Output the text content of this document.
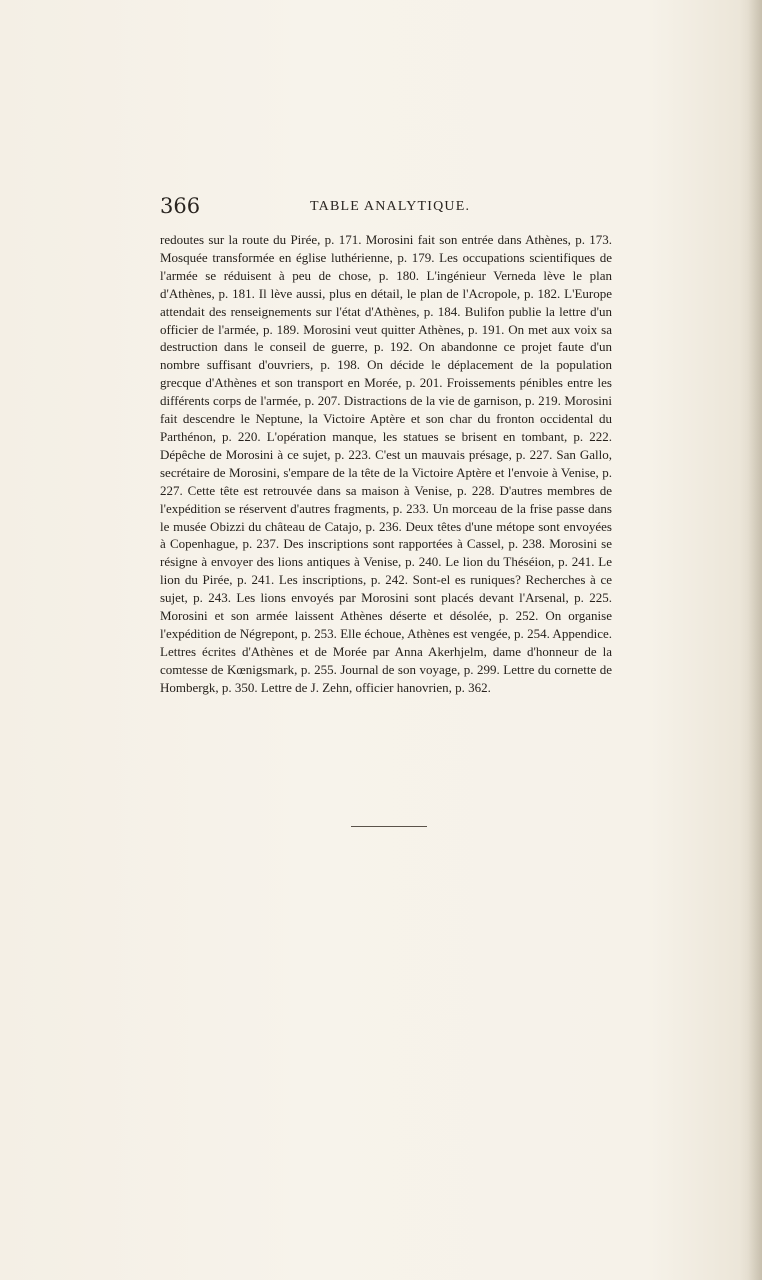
366	TABLE ANALYTIQUE.

redoutes sur la route du Pirée, p. 171. Morosini fait son entrée dans Athènes, p. 173. Mosquée transformée en église luthérienne, p. 179. Les occupations scientifiques de l'armée se réduisent à peu de chose, p. 180. L'ingénieur Verneda lève le plan d'Athènes, p. 181. Il lève aussi, plus en détail, le plan de l'Acropole, p. 182. L'Europe attendait des renseignements sur l'état d'Athènes, p. 184. Bulifon publie la lettre d'un officier de l'armée, p. 189. Morosini veut quitter Athènes, p. 191. On met aux voix sa destruction dans le conseil de guerre, p. 192. On abandonne ce projet faute d'un nombre suffisant d'ouvriers, p. 198. On décide le déplacement de la population grecque d'Athènes et son transport en Morée, p. 201. Froissements pénibles entre les différents corps de l'armée, p. 207. Distractions de la vie de garnison, p. 219. Morosini fait descendre le Neptune, la Victoire Aptère et son char du fronton occidental du Parthénon, p. 220. L'opération manque, les statues se brisent en tombant, p. 222. Dépêche de Morosini à ce sujet, p. 223. C'est un mauvais présage, p. 227. San Gallo, secrétaire de Morosini, s'empare de la tête de la Victoire Aptère et l'envoie à Venise, p. 227. Cette tête est retrouvée dans sa maison à Venise, p. 228. D'autres membres de l'expédition se réservent d'autres fragments, p. 233. Un morceau de la frise passe dans le musée Obizzi du château de Catajo, p. 236. Deux têtes d'une métope sont envoyées à Copenhague, p. 237. Des inscriptions sont rapportées à Cassel, p. 238. Morosini se résigne à envoyer des lions antiques à Venise, p. 240. Le lion du Théséion, p. 241. Le lion du Pirée, p. 241. Les inscriptions, p. 242. Sont-el es runiques? Recherches à ce sujet, p. 243. Les lions envoyés par Morosini sont placés devant l'Arsenal, p. 225. Morosini et son armée laissent Athènes déserte et désolée, p. 252. On organise l'expédition de Négrepont, p. 253. Elle échoue, Athènes est vengée, p. 254. Appendice. Lettres écrites d'Athènes et de Morée par Anna Akerhjelm, dame d'honneur de la comtesse de Kœnigsmark, p. 255. Journal de son voyage, p. 299. Lettre du cornette de Hombergk, p. 350. Lettre de J. Zehn, officier hanovrien, p. 362.
